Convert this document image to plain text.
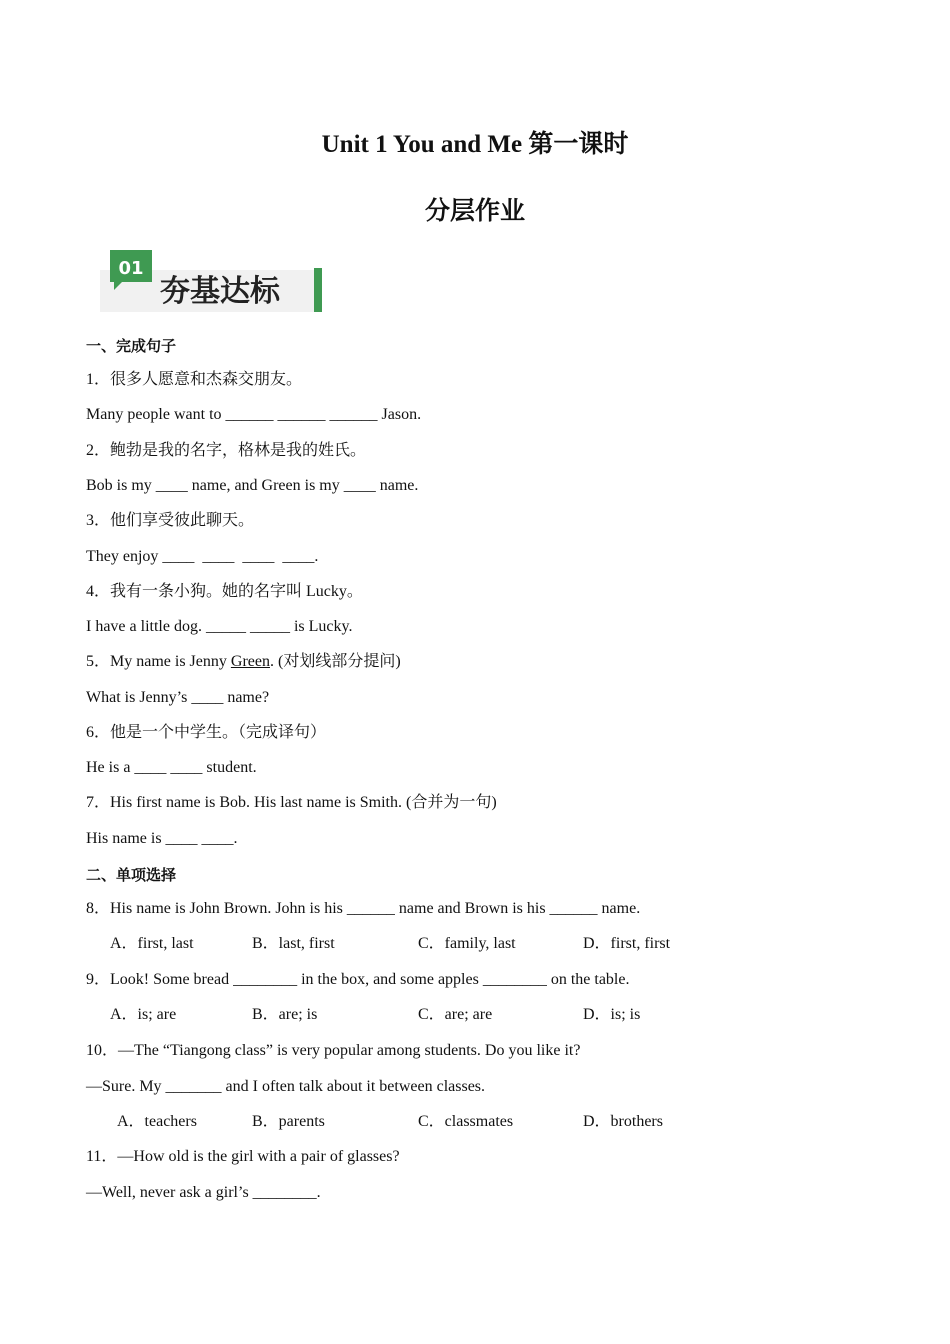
Unit 1 You and Me 第一课时
分层作业
01
夯基达标
一、完成句子
1．很多人愿意和杰森交朋友。
Many people want to ______ ______ ______ Jason.
2．鲍勃是我的名字，格林是我的姓氏。
Bob is my ____ name, and Green is my ____ name.
3．他们享受彼此聊天。
They enjoy ____  ____  ____  ____.
4．我有一条小狗。她的名字叫 Lucky。
I have a little dog. _____ _____ is Lucky.
5．My name is Jenny Green. (对划线部分提问)
What is Jenny’s ____ name?
6．他是一个中学生。（完成译句）
He is a ____ ____ student.
7．His first name is Bob. His last name is Smith. (合并为一句)
His name is ____ ____.
二、单项选择
8．His name is John Brown. John is his ______ name and Brown is his ______ name.
A．first, last	B．last, first	C．family, last	D．first, first
9．Look! Some bread ________ in the box, and some apples ________ on the table.
A．is; are	B．are; is	C．are; are	D．is; is
10．—The “Tiangong class” is very popular among students. Do you like it?
—Sure. My _______ and I often talk about it between classes.
A．teachers	B．parents	C．classmates	D．brothers
11．—How old is the girl with a pair of glasses?
—Well, never ask a girl’s ________.
